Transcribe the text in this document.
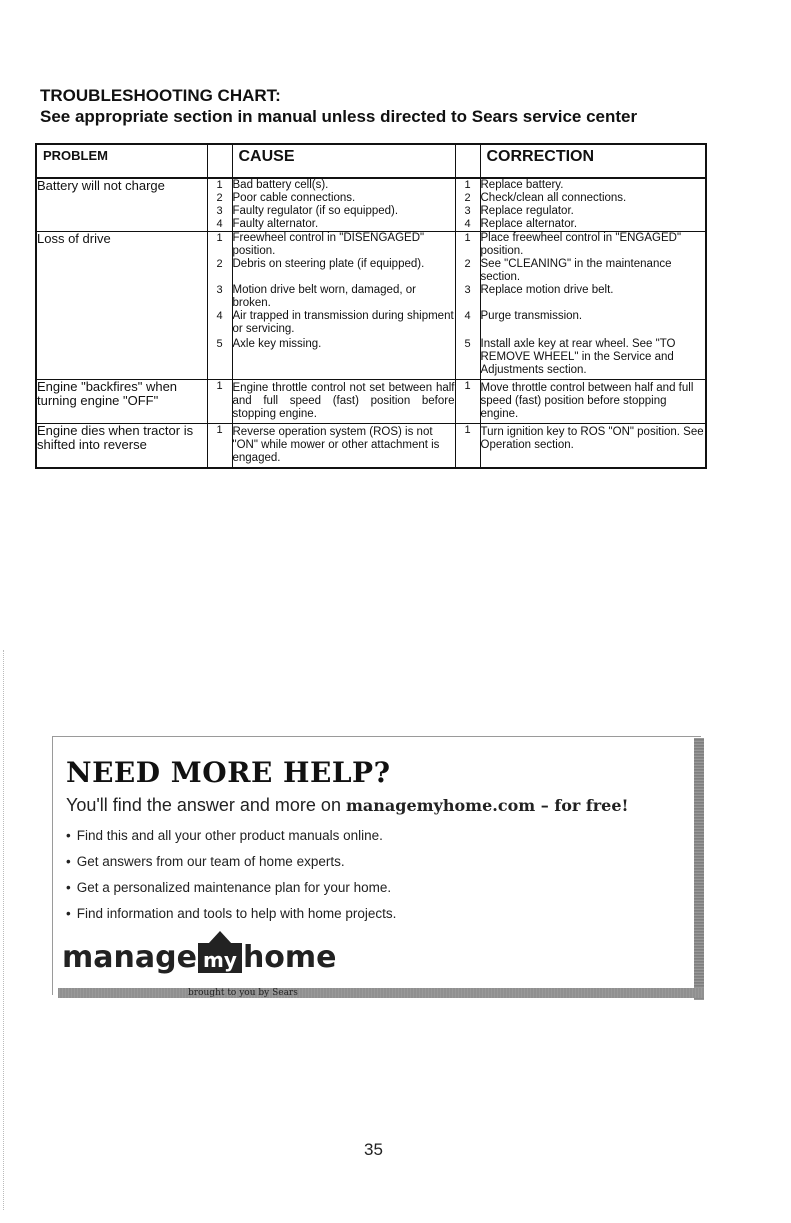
TROUBLESHOOTING CHART:
See appropriate section in manual unless directed to Sears service center
PROBLEM		CAUSE		CORRECTION
Battery will not charge	1	Bad battery cell(s).	1	Replace battery.
	2	Poor cable connections.	2	Check/clean all connections.
	3	Faulty regulator (if so equipped).	3	Replace regulator.
	4	Faulty alternator.	4	Replace alternator.
Loss of drive	1	Freewheel control in "DISENGAGED" position.	1	Place freewheel control in "ENGAGED" position.
	2	Debris on steering plate (if equipped).	2	See "CLEANING" in the maintenance section.
	3	Motion drive belt worn, damaged, or broken.	3	Replace motion drive belt.
	4	Air trapped in transmission during shipment or servicing.	4	Purge transmission.
	5	Axle key missing.	5	Install axle key at rear wheel. See "TO REMOVE WHEEL" in the Service and Adjustments section.
Engine "backfires" when turning engine "OFF"	1	Engine throttle control not set between half and full speed (fast) position before stopping engine.	1	Move throttle control between half and full speed (fast) position before stopping engine.
Engine dies when tractor is shifted into reverse	1	Reverse operation system (ROS) is not "ON" while mower or other attachment is engaged.	1	Turn ignition key to ROS "ON" position. See Operation section.
NEED MORE HELP?
You'll find the answer and more on managemyhome.com – for free!
• Find this and all your other product manuals online.
• Get answers from our team of home experts.
• Get a personalized maintenance plan for your home.
• Find information and tools to help with home projects.
manage my home
brought to you by Sears
35
